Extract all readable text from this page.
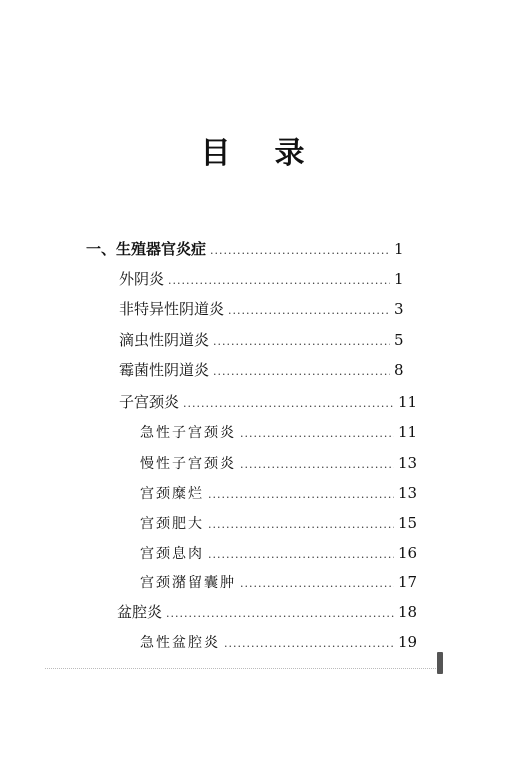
目 录
一、生殖器官炎症 .....	1
外阴炎 .....	1
非特异性阴道炎 .....	3
滴虫性阴道炎 .....	5
霉菌性阴道炎 .....	8
子宫颈炎 .....	11
急性子宫颈炎 .....	11
慢性子宫颈炎 .....	13
宫颈糜烂 .....	13
宫颈肥大 .....	15
宫颈息肉 .....	16
宫颈潴留囊肿 .....	17
盆腔炎 .....	18
急性盆腔炎 .....	19
